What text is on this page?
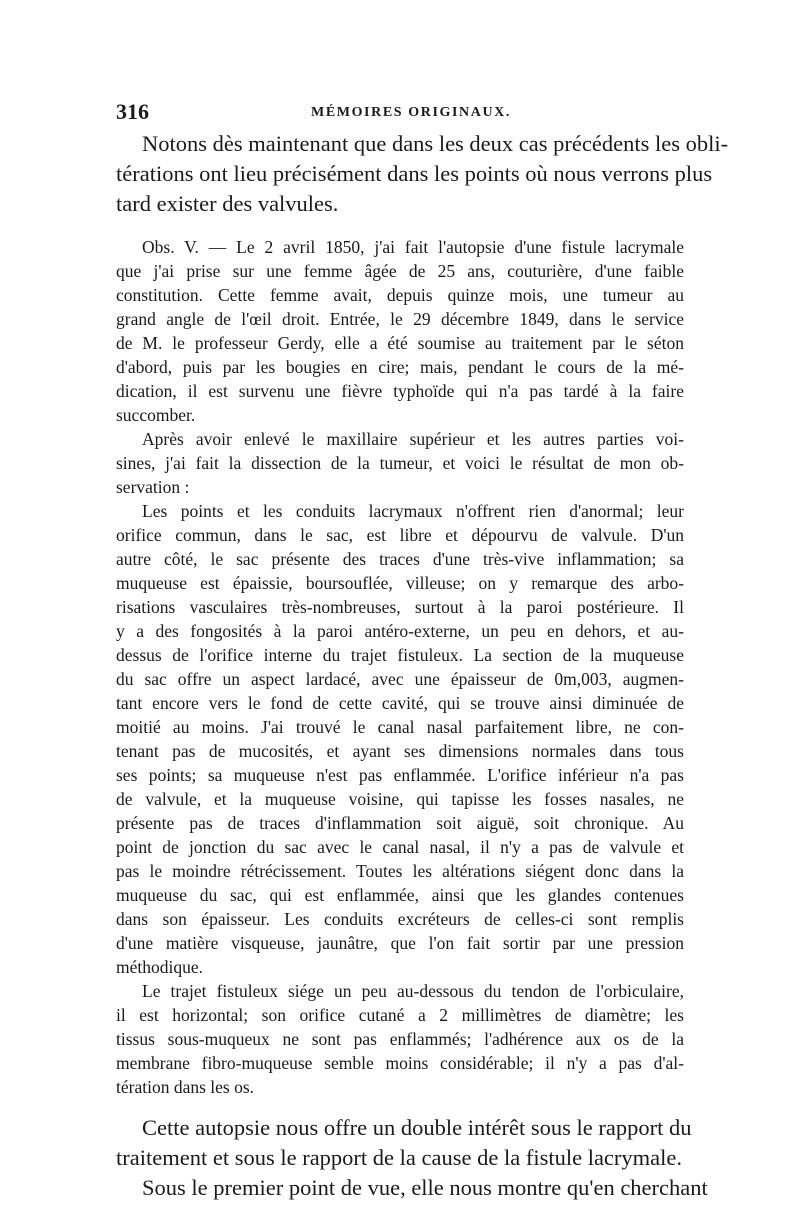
316	MÉMOIRES ORIGINAUX.
Notons dès maintenant que dans les deux cas précédents les obli-
térations ont lieu précisément dans les points où nous verrons plus
tard exister des valvules.
Obs. V. — Le 2 avril 1850, j'ai fait l'autopsie d'une fistule lacrymale
que j'ai prise sur une femme âgée de 25 ans, couturière, d'une faible
constitution. Cette femme avait, depuis quinze mois, une tumeur au
grand angle de l'œil droit. Entrée, le 29 décembre 1849, dans le service
de M. le professeur Gerdy, elle a été soumise au traitement par le séton
d'abord, puis par les bougies en cire; mais, pendant le cours de la mé-
dication, il est survenu une fièvre typhoïde qui n'a pas tardé à la faire
succomber.
Après avoir enlevé le maxillaire supérieur et les autres parties voi-
sines, j'ai fait la dissection de la tumeur, et voici le résultat de mon ob-
servation :
Les points et les conduits lacrymaux n'offrent rien d'anormal; leur
orifice commun, dans le sac, est libre et dépourvu de valvule. D'un
autre côté, le sac présente des traces d'une très-vive inflammation; sa
muqueuse est épaissie, boursouflée, villeuse; on y remarque des arbo-
risations vasculaires très-nombreuses, surtout à la paroi postérieure. Il
y a des fongosités à la paroi antéro-externe, un peu en dehors, et au-
dessus de l'orifice interne du trajet fistuleux. La section de la muqueuse
du sac offre un aspect lardacé, avec une épaisseur de 0m,003, augmen-
tant encore vers le fond de cette cavité, qui se trouve ainsi diminuée de
moitié au moins. J'ai trouvé le canal nasal parfaitement libre, ne con-
tenant pas de mucosités, et ayant ses dimensions normales dans tous
ses points; sa muqueuse n'est pas enflammée. L'orifice inférieur n'a pas
de valvule, et la muqueuse voisine, qui tapisse les fosses nasales, ne
présente pas de traces d'inflammation soit aiguë, soit chronique. Au
point de jonction du sac avec le canal nasal, il n'y a pas de valvule et
pas le moindre rétrécissement. Toutes les altérations siégent donc dans la
muqueuse du sac, qui est enflammée, ainsi que les glandes contenues
dans son épaisseur. Les conduits excréteurs de celles-ci sont remplis
d'une matière visqueuse, jaunâtre, que l'on fait sortir par une pression
méthodique.
Le trajet fistuleux siége un peu au-dessous du tendon de l'orbiculaire,
il est horizontal; son orifice cutané a 2 millimètres de diamètre; les
tissus sous-muqueux ne sont pas enflammés; l'adhérence aux os de la
membrane fibro-muqueuse semble moins considérable; il n'y a pas d'al-
tération dans les os.
Cette autopsie nous offre un double intérêt sous le rapport du
traitement et sous le rapport de la cause de la fistule lacrymale.
Sous le premier point de vue, elle nous montre qu'en cherchant
